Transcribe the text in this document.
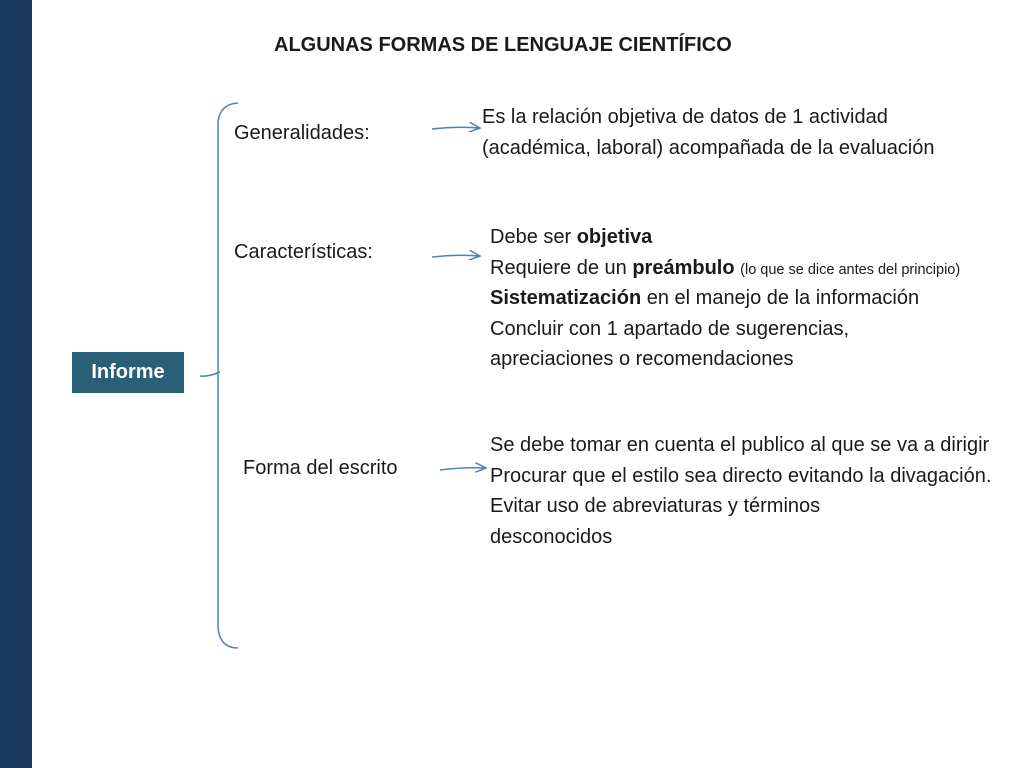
ALGUNAS FORMAS DE LENGUAJE CIENTÍFICO
Informe

Generalidades:

Características:

Forma del escrito

Es la relación objetiva de datos de 1 actividad (académica, laboral) acompañada de la evaluación

Debe ser objetiva
Requiere de un preámbulo (lo que se dice antes del principio)
Sistematización en el manejo de la información
Concluir con 1 apartado de sugerencias, apreciaciones o recomendaciones
Se debe tomar en cuenta el publico al que se va a dirigir
Procurar que el estilo sea directo evitando la divagación.
Evitar uso de abreviaturas y términos desconocidos
